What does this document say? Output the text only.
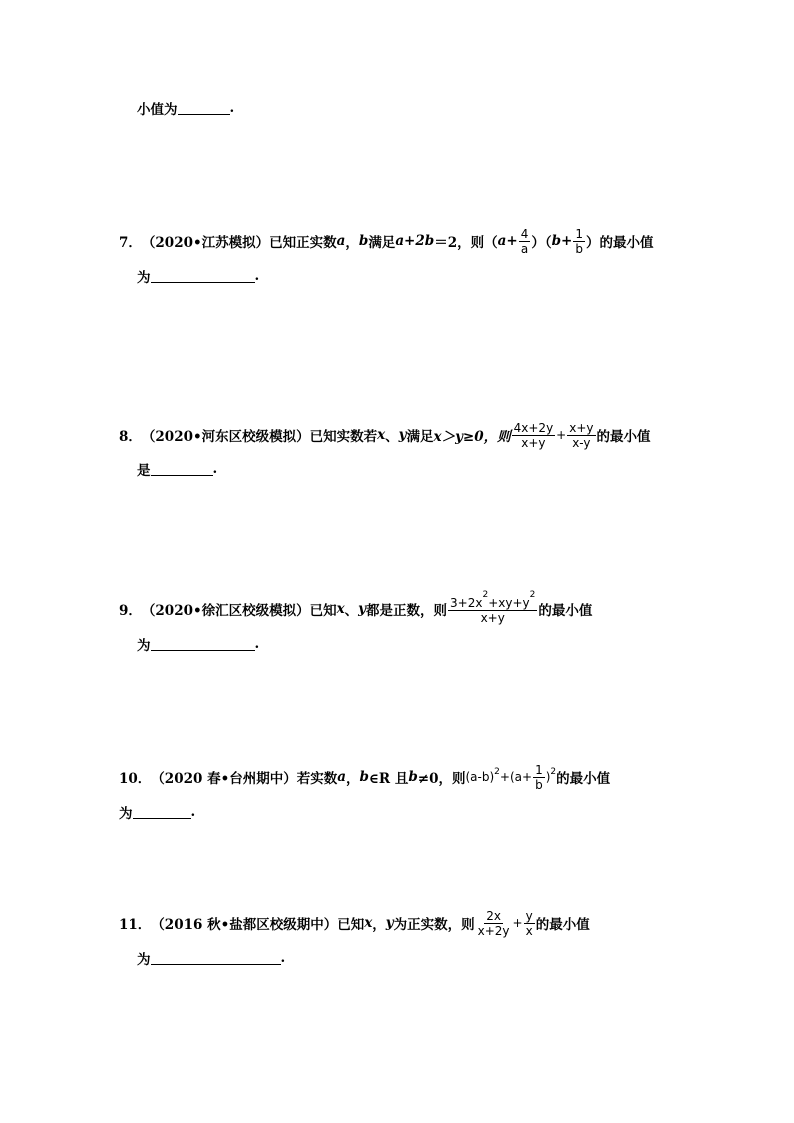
小值为	.
7． （2020•江苏模拟） 已知正实数 a ， b 满足 a+2b ＝2，则（ $a + \frac{4}{a}$ ）（ $b + \frac{1}{b}$ ）的最小值
为	.
8． （2020•河东区校级模拟） 已知实数若 x 、 y 满足 x＞y≥0，则 $\frac{4x+2y}{x+y} + \frac{x+y}{x-y}$ 的最小值
是	.
9． （2020•徐汇区校级模拟） 已知 x 、 y 都是正数，则 $\frac{3+2x^2+xy+y^2}{x+y}$ 的最小值
为	.
10． （2020 春•台州期中） 若实数 a ， b ∈R 且 b ≠0，则 $(a-b)^2 +(a+ \frac{1}{b} )^2$ 的最小值
为	.
11． （2016 秋•盐都区校级期中） 已知 x ， y 为正实数，则 $\frac{2x}{x+2y} + \frac{y}{x}$ 的最小值
为	.
